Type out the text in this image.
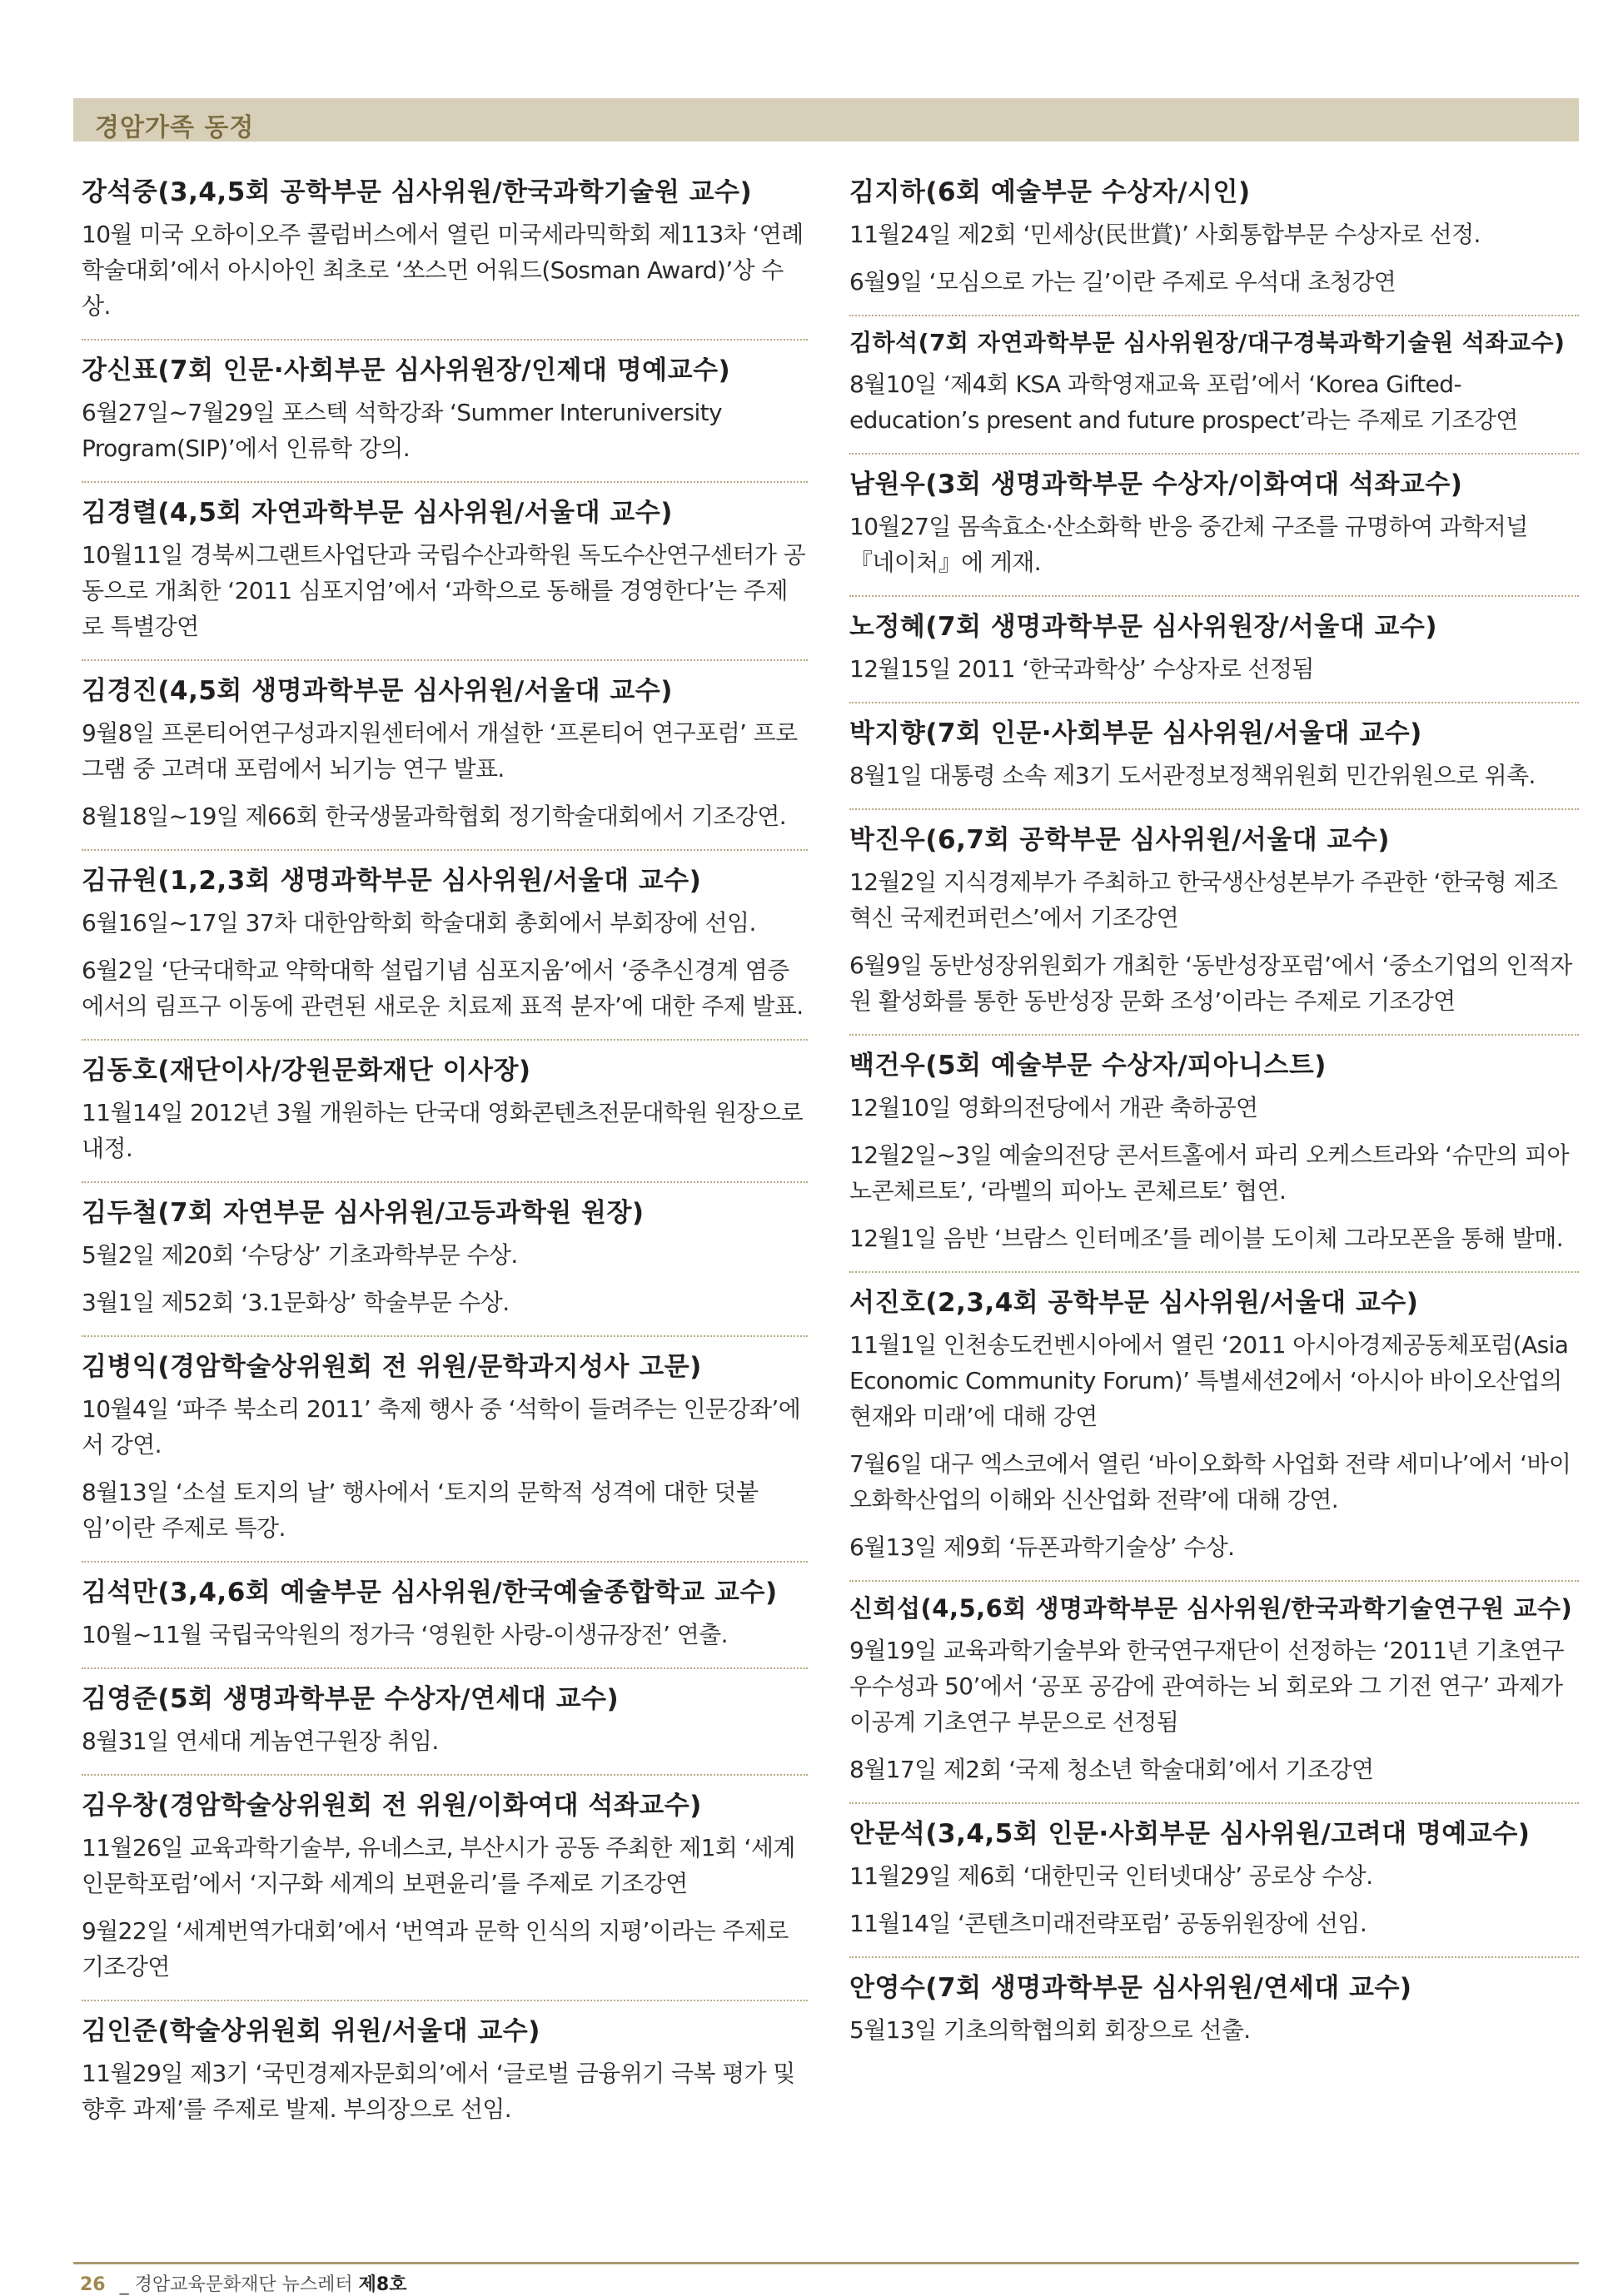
경암가족 동정
강석중(3,4,5회 공학부문 심사위원/한국과학기술원 교수)
10월 미국 오하이오주 콜럼버스에서 열린 미국세라믹학회 제113차 ‘연례학술대회’에서 아시아인 최초로 ‘쏘스먼 어워드(Sosman Award)’상 수상.
강신표(7회 인문·사회부문 심사위원장/인제대 명예교수)
6월27일~7월29일 포스텍 석학강좌 ‘Summer Interuniversity Program(SIP)’에서 인류학 강의.
김경렬(4,5회 자연과학부문 심사위원/서울대 교수)
10월11일 경북씨그랜트사업단과 국립수산과학원 독도수산연구센터가 공동으로 개최한 ‘2011 심포지엄’에서 ‘과학으로 동해를 경영한다’는 주제로 특별강연
김경진(4,5회 생명과학부문 심사위원/서울대 교수)
9월8일 프론티어연구성과지원센터에서 개설한 ‘프론티어 연구포럼’ 프로그램 중 고려대 포럼에서 뇌기능 연구 발표.
8월18일~19일 제66회 한국생물과학협회 정기학술대회에서 기조강연.
김규원(1,2,3회 생명과학부문 심사위원/서울대 교수)
6월16일~17일 37차 대한암학회 학술대회 총회에서 부회장에 선임.
6월2일 ‘단국대학교 약학대학 설립기념 심포지움’에서 ‘중추신경계 염증에서의 림프구 이동에 관련된 새로운 치료제 표적 분자’에 대한 주제 발표.
김동호(재단이사/강원문화재단 이사장)
11월14일 2012년 3월 개원하는 단국대 영화콘텐츠전문대학원 원장으로 내정.
김두철(7회 자연부문 심사위원/고등과학원 원장)
5월2일 제20회 ‘수당상’ 기초과학부문 수상.
3월1일 제52회 ‘3.1문화상’ 학술부문 수상.
김병익(경암학술상위원회 전 위원/문학과지성사 고문)
10월4일 ‘파주 북소리 2011’ 축제 행사 중 ‘석학이 들려주는 인문강좌’에서 강연.
8월13일 ‘소설 토지의 날’ 행사에서 ‘토지의 문학적 성격에 대한 덧붙임’이란 주제로 특강.
김석만(3,4,6회 예술부문 심사위원/한국예술종합학교 교수)
10월~11월 국립국악원의 정가극 ‘영원한 사랑-이생규장전’ 연출.
김영준(5회 생명과학부문 수상자/연세대 교수)
8월31일 연세대 게놈연구원장 취임.
김우창(경암학술상위원회 전 위원/이화여대 석좌교수)
11월26일 교육과학기술부, 유네스코, 부산시가 공동 주최한 제1회 ‘세계인문학포럼’에서 ‘지구화 세계의 보편윤리’를 주제로 기조강연
9월22일 ‘세계번역가대회’에서 ‘번역과 문학 인식의 지평’이라는 주제로 기조강연
김인준(학술상위원회 위원/서울대 교수)
11월29일 제3기 ‘국민경제자문회의’에서 ‘글로벌 금융위기 극복 평가 및 향후 과제’를 주제로 발제. 부의장으로 선임.
김지하(6회 예술부문 수상자/시인)
11월24일 제2회 ‘민세상(民世賞)’ 사회통합부문 수상자로 선정.
6월9일 ‘모심으로 가는 길’이란 주제로 우석대 초청강연
김하석(7회 자연과학부문 심사위원장/대구경북과학기술원 석좌교수)
8월10일 ‘제4회 KSA 과학영재교육 포럼’에서 ‘Korea Gifted-education’s present and future prospect’라는 주제로 기조강연
남원우(3회 생명과학부문 수상자/이화여대 석좌교수)
10월27일 몸속효소·산소화학 반응 중간체 구조를 규명하여 과학저널 『네이처』에 게재.
노정혜(7회 생명과학부문 심사위원장/서울대 교수)
12월15일 2011 ‘한국과학상’ 수상자로 선정됨
박지향(7회 인문·사회부문 심사위원/서울대 교수)
8월1일 대통령 소속 제3기 도서관정보정책위원회 민간위원으로 위촉.
박진우(6,7회 공학부문 심사위원/서울대 교수)
12월2일 지식경제부가 주최하고 한국생산성본부가 주관한 ‘한국형 제조혁신 국제컨퍼런스’에서 기조강연
6월9일 동반성장위원회가 개최한 ‘동반성장포럼’에서 ‘중소기업의 인적자원 활성화를 통한 동반성장 문화 조성’이라는 주제로 기조강연
백건우(5회 예술부문 수상자/피아니스트)
12월10일 영화의전당에서 개관 축하공연
12월2일~3일 예술의전당 콘서트홀에서 파리 오케스트라와 ‘슈만의 피아노콘체르토’, ‘라벨의 피아노 콘체르토’ 협연.
12월1일 음반 ‘브람스 인터메조’를 레이블 도이체 그라모폰을 통해 발매.
서진호(2,3,4회 공학부문 심사위원/서울대 교수)
11월1일 인천송도컨벤시아에서 열린 ‘2011 아시아경제공동체포럼(Asia Economic Community Forum)’ 특별세션2에서 ‘아시아 바이오산업의 현재와 미래’에 대해 강연
7월6일 대구 엑스코에서 열린 ‘바이오화학 사업화 전략 세미나’에서 ‘바이오화학산업의 이해와 신산업화 전략’에 대해 강연.
6월13일 제9회 ‘듀폰과학기술상’ 수상.
신희섭(4,5,6회 생명과학부문 심사위원/한국과학기술연구원 교수)
9월19일 교육과학기술부와 한국연구재단이 선정하는 ‘2011년 기초연구 우수성과 50’에서 ‘공포 공감에 관여하는 뇌 회로와 그 기전 연구’ 과제가 이공계 기초연구 부문으로 선정됨
8월17일 제2회 ‘국제 청소년 학술대회’에서 기조강연
안문석(3,4,5회 인문·사회부문 심사위원/고려대 명예교수)
11월29일 제6회 ‘대한민국 인터넷대상’ 공로상 수상.
11월14일 ‘콘텐츠미래전략포럼’ 공동위원장에 선임.
안영수(7회 생명과학부문 심사위원/연세대 교수)
5월13일 기초의학협의회 회장으로 선출.
26 _ 경암교육문화재단 뉴스레터 제8호
